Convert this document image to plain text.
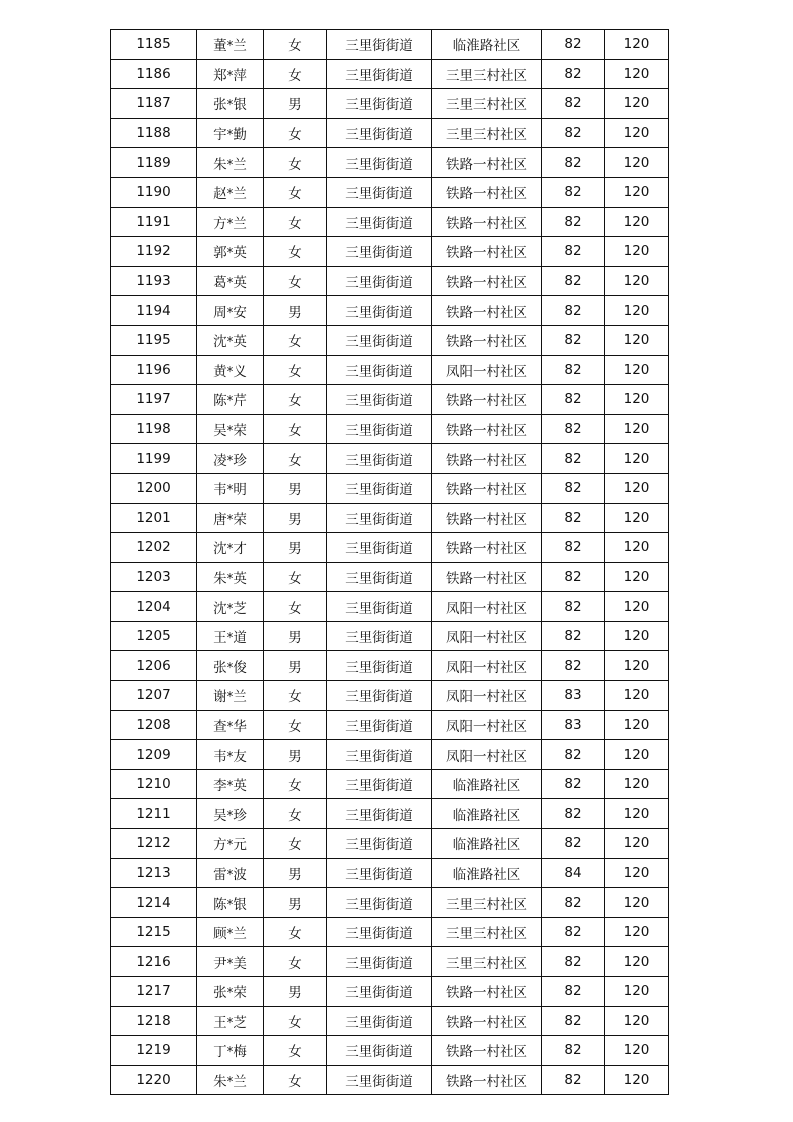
1185	董*兰	女	三里街街道	临淮路社区	82	120
1186	郑*萍	女	三里街街道	三里三村社区	82	120
1187	张*银	男	三里街街道	三里三村社区	82	120
1188	宇*勤	女	三里街街道	三里三村社区	82	120
1189	朱*兰	女	三里街街道	铁路一村社区	82	120
1190	赵*兰	女	三里街街道	铁路一村社区	82	120
1191	方*兰	女	三里街街道	铁路一村社区	82	120
1192	郭*英	女	三里街街道	铁路一村社区	82	120
1193	葛*英	女	三里街街道	铁路一村社区	82	120
1194	周*安	男	三里街街道	铁路一村社区	82	120
1195	沈*英	女	三里街街道	铁路一村社区	82	120
1196	黄*义	女	三里街街道	凤阳一村社区	82	120
1197	陈*芹	女	三里街街道	铁路一村社区	82	120
1198	吴*荣	女	三里街街道	铁路一村社区	82	120
1199	凌*珍	女	三里街街道	铁路一村社区	82	120
1200	韦*明	男	三里街街道	铁路一村社区	82	120
1201	唐*荣	男	三里街街道	铁路一村社区	82	120
1202	沈*才	男	三里街街道	铁路一村社区	82	120
1203	朱*英	女	三里街街道	铁路一村社区	82	120
1204	沈*芝	女	三里街街道	凤阳一村社区	82	120
1205	王*道	男	三里街街道	凤阳一村社区	82	120
1206	张*俊	男	三里街街道	凤阳一村社区	82	120
1207	谢*兰	女	三里街街道	凤阳一村社区	83	120
1208	查*华	女	三里街街道	凤阳一村社区	83	120
1209	韦*友	男	三里街街道	凤阳一村社区	82	120
1210	李*英	女	三里街街道	临淮路社区	82	120
1211	吴*珍	女	三里街街道	临淮路社区	82	120
1212	方*元	女	三里街街道	临淮路社区	82	120
1213	雷*波	男	三里街街道	临淮路社区	84	120
1214	陈*银	男	三里街街道	三里三村社区	82	120
1215	顾*兰	女	三里街街道	三里三村社区	82	120
1216	尹*美	女	三里街街道	三里三村社区	82	120
1217	张*荣	男	三里街街道	铁路一村社区	82	120
1218	王*芝	女	三里街街道	铁路一村社区	82	120
1219	丁*梅	女	三里街街道	铁路一村社区	82	120
1220	朱*兰	女	三里街街道	铁路一村社区	82	120
